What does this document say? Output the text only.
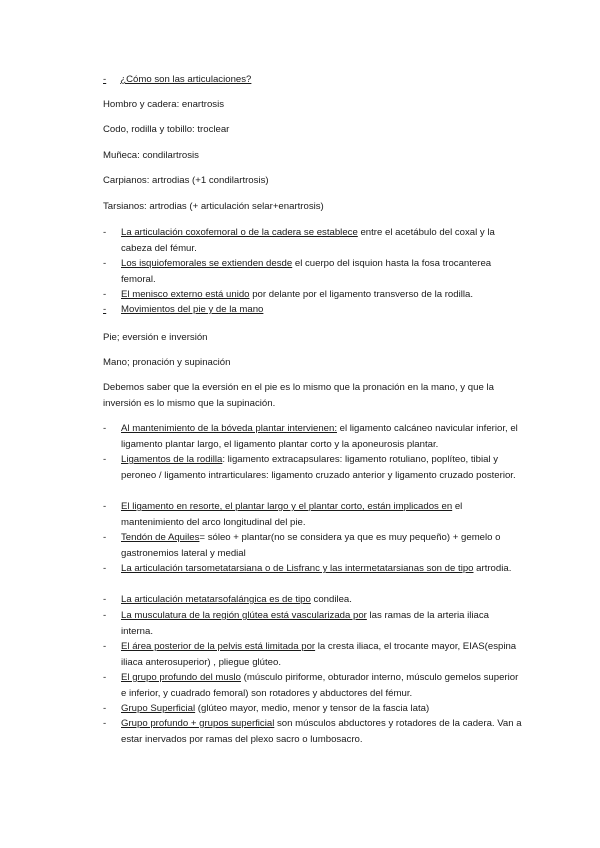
- ¿Cómo son las articulaciones?
Hombro y cadera: enartrosis
Codo, rodilla y tobillo: troclear
Muñeca: condilartrosis
Carpianos: artrodias (+1 condilartrosis)
Tarsianos: artrodias (+ articulación selar+enartrosis)
- La articulación coxofemoral o de la cadera se establece entre el acetábulo del coxal y la cabeza del fémur.
- Los isquiofemorales se extienden desde el cuerpo del isquion hasta la fosa trocanterea femoral.
- El menisco externo está unido por delante por el ligamento transverso de la rodilla.
- Movimientos del pie y de la mano
Pie; eversión e inversión
Mano; pronación y supinación
Debemos saber que la eversión en el pie es lo mismo que la pronación en la mano, y que la inversión es lo mismo que la supinación.
- Al mantenimiento de la bóveda plantar intervienen: el ligamento calcáneo navicular inferior, el ligamento plantar largo, el ligamento plantar corto y la aponeurosis plantar.
- Ligamentos de la rodilla: ligamento extracapsulares: ligamento rotuliano, poplíteo, tibial y peroneo / ligamento intrarticulares: ligamento cruzado anterior y ligamento cruzado posterior.
- El ligamento en resorte, el plantar largo y el plantar corto, están implicados en el mantenimiento del arco longitudinal del pie.
- Tendón de Aquiles= sóleo + plantar(no se considera ya que es muy pequeño) + gemelo o gastronemios lateral y medial
- La articulación tarsometatarsiana o de Lisfranc y las intermetatarsianas son de tipo artrodia.
- La articulación metatarsofalángica es de tipo condilea.
- La musculatura de la región glútea está vascularizada por las ramas de la arteria iliaca interna.
- El área posterior de la pelvis está limitada por la cresta iliaca, el trocante mayor, EIAS(espina iliaca anterosuperior) , pliegue glúteo.
- El grupo profundo del muslo (músculo piriforme, obturador interno, músculo gemelos superior e inferior, y cuadrado femoral) son rotadores y abductores del fémur.
- Grupo Superficial (glúteo mayor, medio, menor y tensor de la fascia lata)
- Grupo profundo + grupos superficial son músculos abductores y rotadores de la cadera. Van a estar inervados por ramas del plexo sacro o lumbosacro.
